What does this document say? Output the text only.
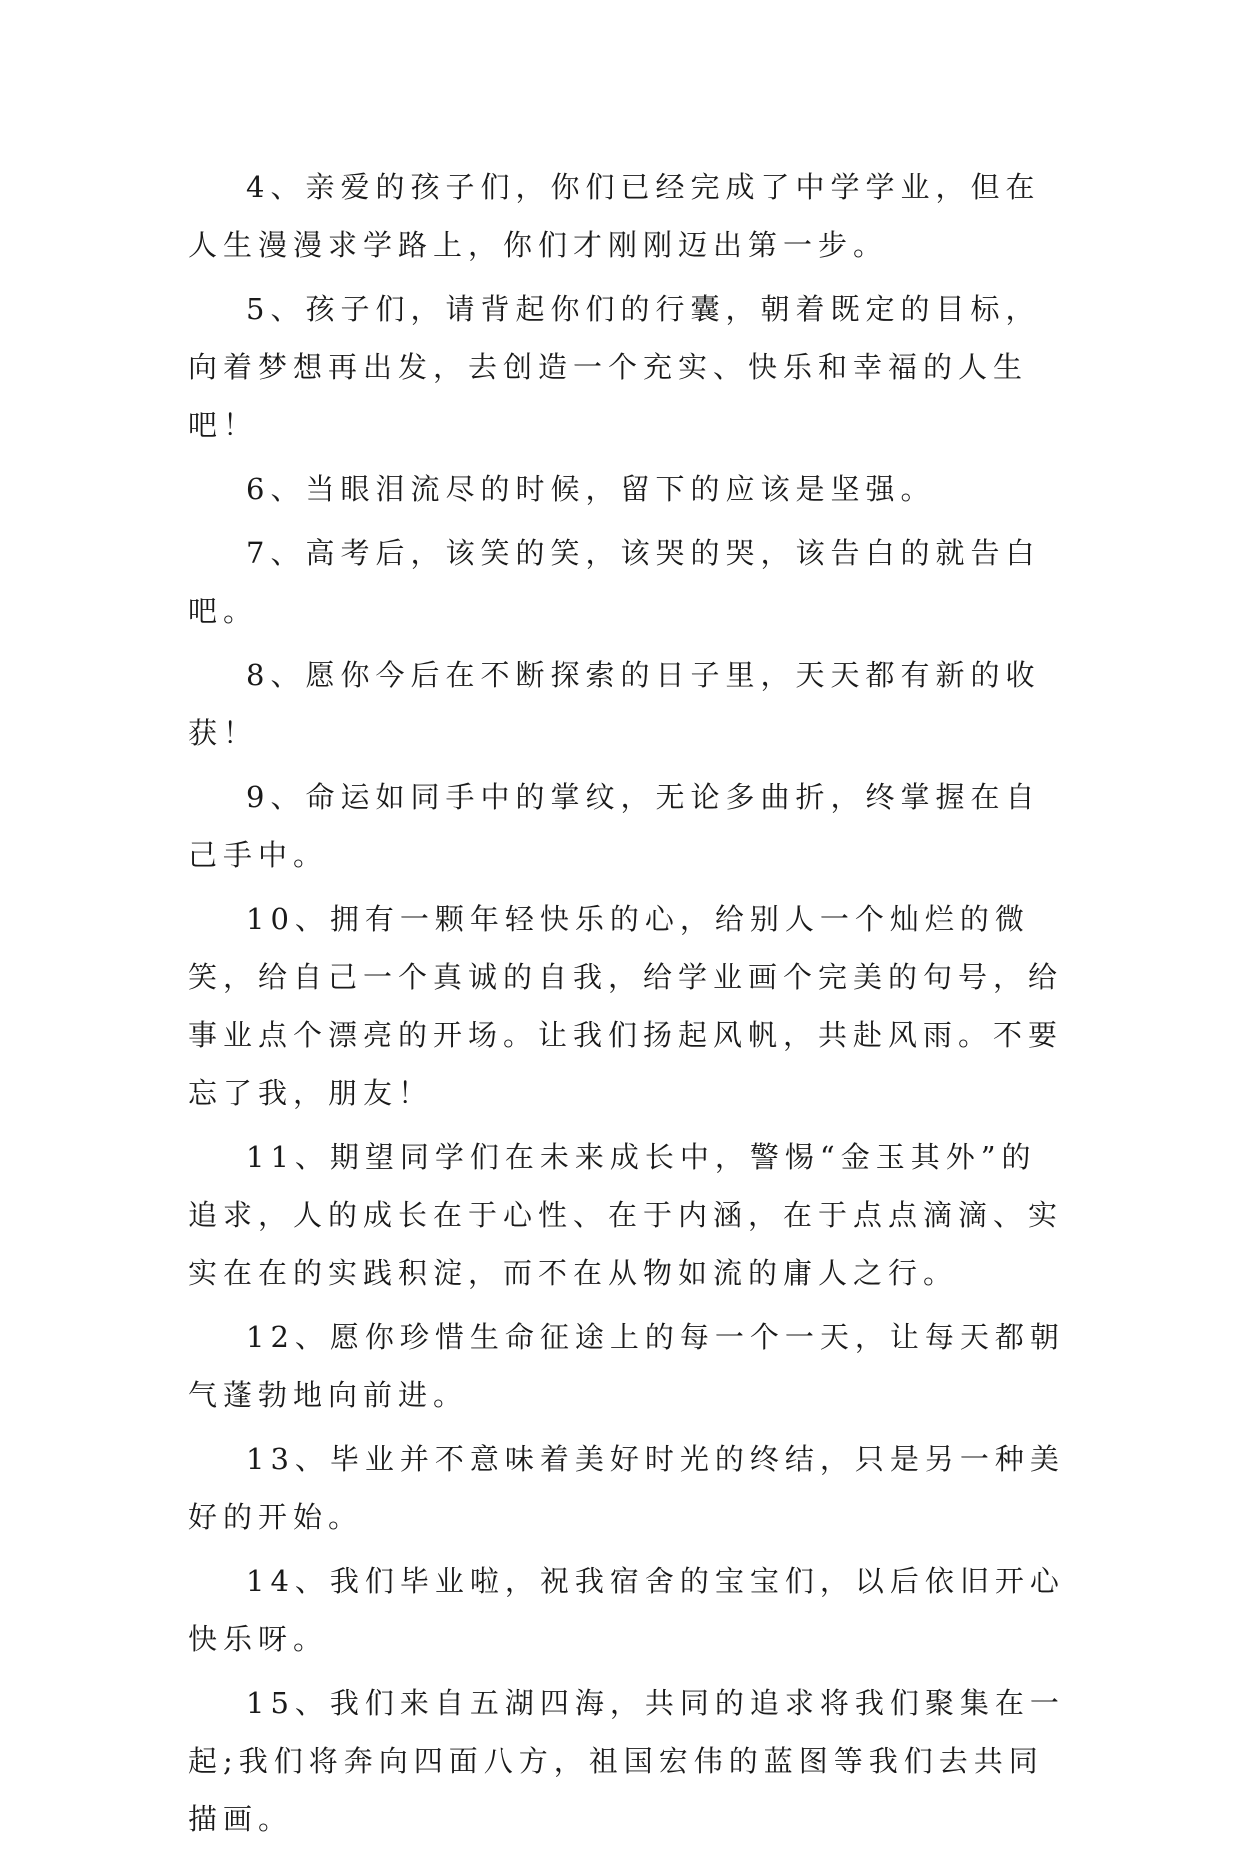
4、亲爱的孩子们，你们已经完成了中学学业，但在人生漫漫求学路上，你们才刚刚迈出第一步。

5、孩子们，请背起你们的行囊，朝着既定的目标，向着梦想再出发，去创造一个充实、快乐和幸福的人生吧！

6、当眼泪流尽的时候，留下的应该是坚强。

7、高考后，该笑的笑，该哭的哭，该告白的就告白吧。

8、愿你今后在不断探索的日子里，天天都有新的收获！

9、命运如同手中的掌纹，无论多曲折，终掌握在自己手中。

10、拥有一颗年轻快乐的心，给别人一个灿烂的微笑，给自己一个真诚的自我，给学业画个完美的句号，给事业点个漂亮的开场。让我们扬起风帆，共赴风雨。不要忘了我，朋友！

11、期望同学们在未来成长中，警惕“金玉其外”的追求，人的成长在于心性、在于内涵，在于点点滴滴、实实在在的实践积淀，而不在从物如流的庸人之行。

12、愿你珍惜生命征途上的每一个一天，让每天都朝气蓬勃地向前进。

13、毕业并不意味着美好时光的终结，只是另一种美好的开始。

14、我们毕业啦，祝我宿舍的宝宝们，以后依旧开心快乐呀。

15、我们来自五湖四海，共同的追求将我们聚集在一起;我们将奔向四面八方，祖国宏伟的蓝图等我们去共同描画。
